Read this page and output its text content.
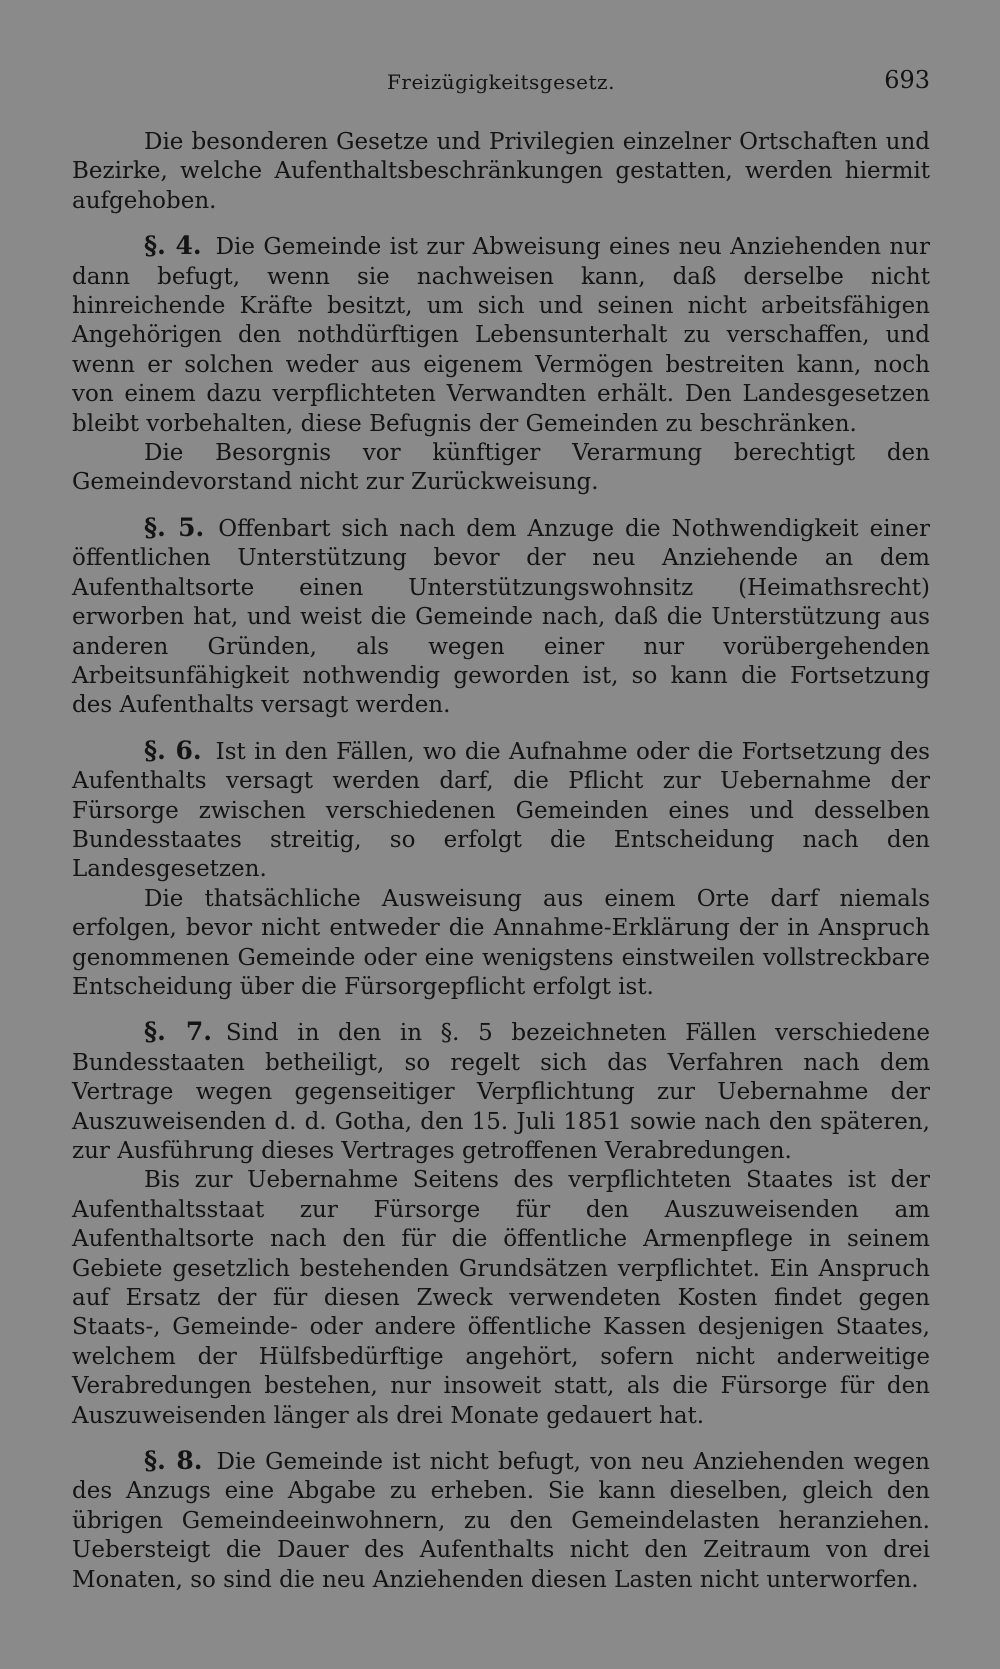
Freizügigkeitsgesetz.	693

Die besonderen Gesetze und Privilegien einzelner Ortschaften und Bezirke, welche Aufenthaltsbeschränkungen gestatten, werden hiermit aufgehoben.

§. 4. Die Gemeinde ist zur Abweisung eines neu Anziehenden nur dann befugt, wenn sie nachweisen kann, daß derselbe nicht hinreichende Kräfte besitzt, um sich und seinen nicht arbeitsfähigen Angehörigen den nothdürftigen Lebensunterhalt zu verschaffen, und wenn er solchen weder aus eigenem Vermögen bestreiten kann, noch von einem dazu verpflichteten Verwandten erhält. Den Landesgesetzen bleibt vorbehalten, diese Befugnis der Gemeinden zu beschränken.

Die Besorgnis vor künftiger Verarmung berechtigt den Gemeindevorstand nicht zur Zurückweisung.

§. 5. Offenbart sich nach dem Anzuge die Nothwendigkeit einer öffentlichen Unterstützung bevor der neu Anziehende an dem Aufenthaltsorte einen Unterstützungswohnsitz (Heimathsrecht) erworben hat, und weist die Gemeinde nach, daß die Unterstützung aus anderen Gründen, als wegen einer nur vorübergehenden Arbeitsunfähigkeit nothwendig geworden ist, so kann die Fortsetzung des Aufenthalts versagt werden.

§. 6. Ist in den Fällen, wo die Aufnahme oder die Fortsetzung des Aufenthalts versagt werden darf, die Pflicht zur Uebernahme der Fürsorge zwischen verschiedenen Gemeinden eines und desselben Bundesstaates streitig, so erfolgt die Entscheidung nach den Landesgesetzen.

Die thatsächliche Ausweisung aus einem Orte darf niemals erfolgen, bevor nicht entweder die Annahme-Erklärung der in Anspruch genommenen Gemeinde oder eine wenigstens einstweilen vollstreckbare Entscheidung über die Fürsorgepflicht erfolgt ist.

§. 7. Sind in den in §. 5 bezeichneten Fällen verschiedene Bundesstaaten betheiligt, so regelt sich das Verfahren nach dem Vertrage wegen gegenseitiger Verpflichtung zur Uebernahme der Auszuweisenden d. d. Gotha, den 15. Juli 1851 sowie nach den späteren, zur Ausführung dieses Vertrages getroffenen Verabredungen.

Bis zur Uebernahme Seitens des verpflichteten Staates ist der Aufenthaltsstaat zur Fürsorge für den Auszuweisenden am Aufenthaltsorte nach den für die öffentliche Armenpflege in seinem Gebiete gesetzlich bestehenden Grundsätzen verpflichtet. Ein Anspruch auf Ersatz der für diesen Zweck verwendeten Kosten findet gegen Staats-, Gemeinde- oder andere öffentliche Kassen desjenigen Staates, welchem der Hülfsbedürftige angehört, sofern nicht anderweitige Verabredungen bestehen, nur insoweit statt, als die Fürsorge für den Auszuweisenden länger als drei Monate gedauert hat.

§. 8. Die Gemeinde ist nicht befugt, von neu Anziehenden wegen des Anzugs eine Abgabe zu erheben. Sie kann dieselben, gleich den übrigen Gemeindeeinwohnern, zu den Gemeindelasten heranziehen. Uebersteigt die Dauer des Aufenthalts nicht den Zeitraum von drei Monaten, so sind die neu Anziehenden diesen Lasten nicht unterworfen.
